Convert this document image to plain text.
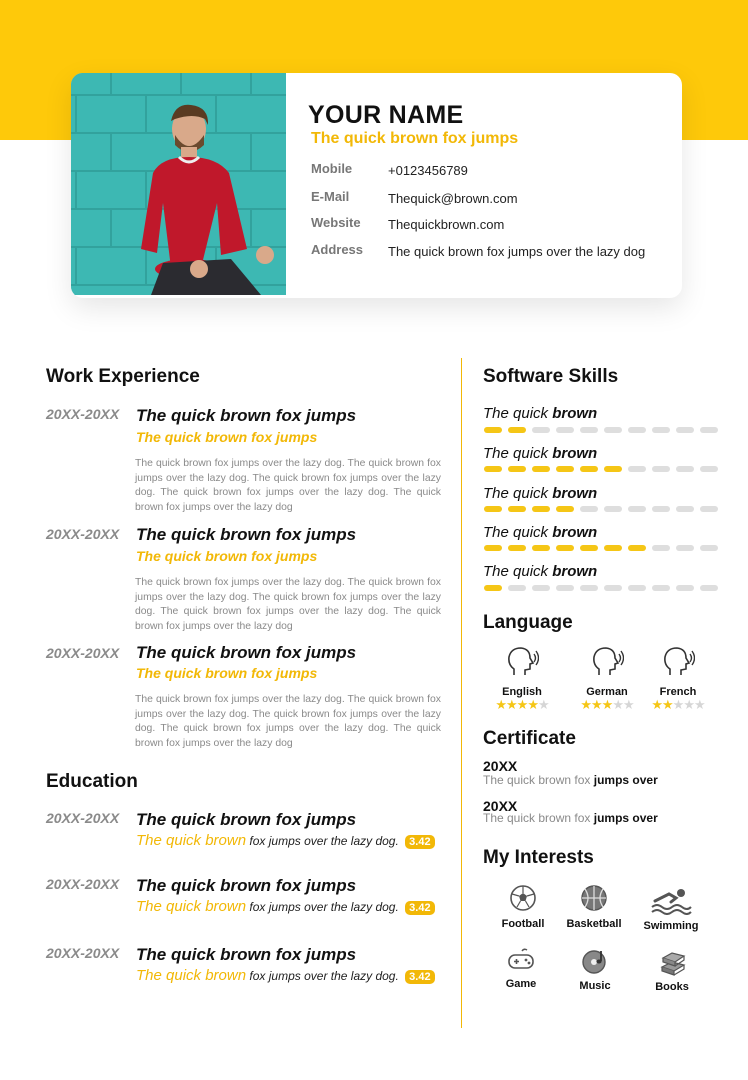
YOUR NAME
The quick brown fox jumps
Mobile	+0123456789
E-Mail	Thequick@brown.com
Website	Thequickbrown.com
Address	The quick brown fox jumps over the lazy dog
Work Experience
20XX-20XX The quick brown fox jumps
The quick brown fox jumps
The quick brown fox jumps over the lazy dog. The quick brown fox jumps over the lazy dog. The quick brown fox jumps over the lazy dog. The quick brown fox jumps over the lazy dog. The quick brown fox jumps over the lazy dog
20XX-20XX The quick brown fox jumps
The quick brown fox jumps
The quick brown fox jumps over the lazy dog. The quick brown fox jumps over the lazy dog. The quick brown fox jumps over the lazy dog. The quick brown fox jumps over the lazy dog. The quick brown fox jumps over the lazy dog
20XX-20XX The quick brown fox jumps
The quick brown fox jumps
The quick brown fox jumps over the lazy dog. The quick brown fox jumps over the lazy dog. The quick brown fox jumps over the lazy dog. The quick brown fox jumps over the lazy dog. The quick brown fox jumps over the lazy dog
Education
20XX-20XX The quick brown fox jumps
The quick brown fox jumps over the lazy dog. 3.42
20XX-20XX The quick brown fox jumps
The quick brown fox jumps over the lazy dog. 3.42
20XX-20XX The quick brown fox jumps
The quick brown fox jumps over the lazy dog. 3.42
Software Skills
The quick brown
The quick brown
The quick brown
The quick brown
The quick brown
Language
English
★★★★★
German
★★★★★
French
★★★★★
Certificate
20XX
The quick brown fox jumps over
20XX
The quick brown fox jumps over
My Interests
Football	Basketball	Swimming
Game	Music	Books
